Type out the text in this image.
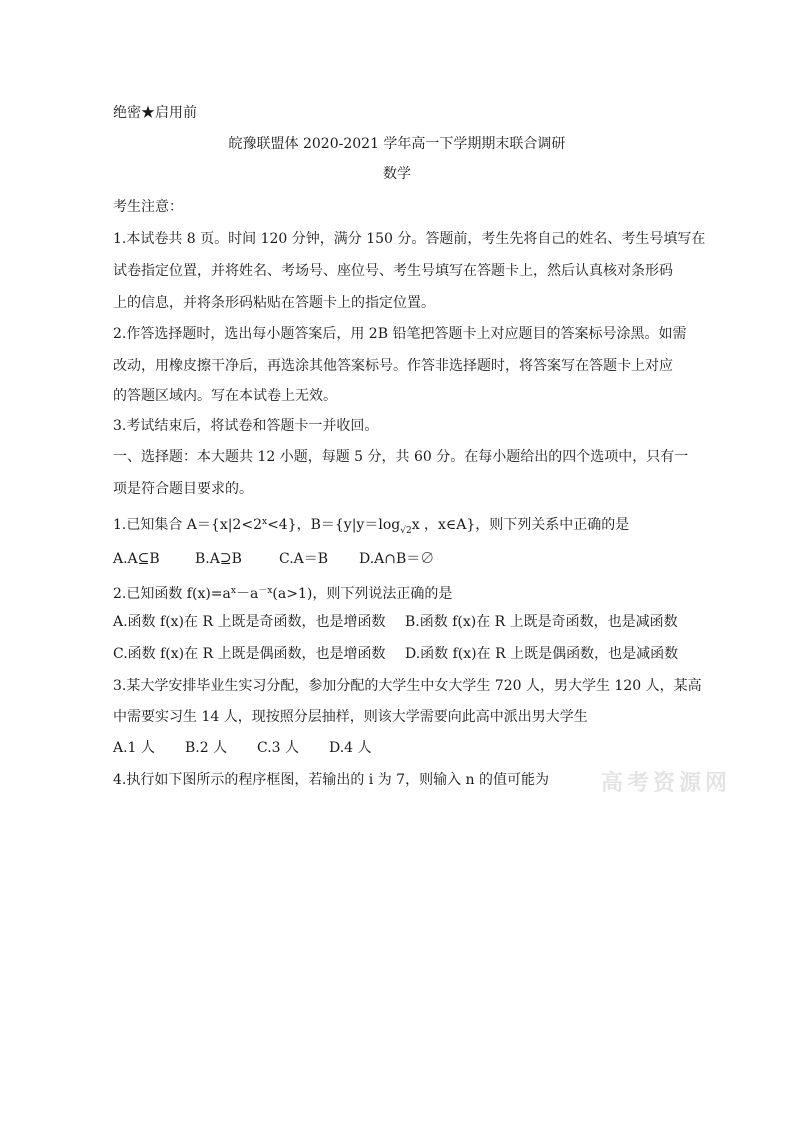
绝密★启用前
皖豫联盟体 2020-2021 学年高一下学期期末联合调研
数学
考生注意：
1.本试卷共 8 页。时间 120 分钟，满分 150 分。答题前，考生先将自己的姓名、考生号填写在
试卷指定位置，并将姓名、考场号、座位号、考生号填写在答题卡上，然后认真核对条形码
上的信息，并将条形码粘贴在答题卡上的指定位置。
2.作答选择题时，选出每小题答案后，用 2B 铅笔把答题卡上对应题目的答案标号涂黑。如需
改动，用橡皮擦干净后，再选涂其他答案标号。作答非选择题时，将答案写在答题卡上对应
的答题区域内。写在本试卷上无效。
3.考试结束后，将试卷和答题卡一并收回。
一、选择题：本大题共 12 小题，每题 5 分，共 60 分。在每小题给出的四个选项中，只有一
项是符合题目要求的。
1.已知集合 $A=\{x|2<2^x<4\}$，$B=\{y|y=\log_{√2}x$ ，x∈A}，则下列关系中正确的是
A.A⊆B	B.A⊇B	C.A＝B D.A∩B＝∅
2.已知函数 $f(x)=a^x-a^{-x}(a>1)$，则下列说法正确的是
A.函数 f(x)在 R 上既是奇函数，也是增函数 B.函数 f(x)在 R 上既是奇函数，也是减函数
C.函数 f(x)在 R 上既是偶函数，也是增函数 D.函数 f(x)在 R 上既是偶函数，也是减函数
3.某大学安排毕业生实习分配，参加分配的大学生中女大学生 720 人，男大学生 120 人，某高
中需要实习生 14 人，现按照分层抽样，则该大学需要向此高中派出男大学生
A.1 人 B.2 人 C.3 人 D.4 人
4.执行如下图所示的程序框图，若输出的 i 为 7，则输入 n 的值可能为 高考资源网
